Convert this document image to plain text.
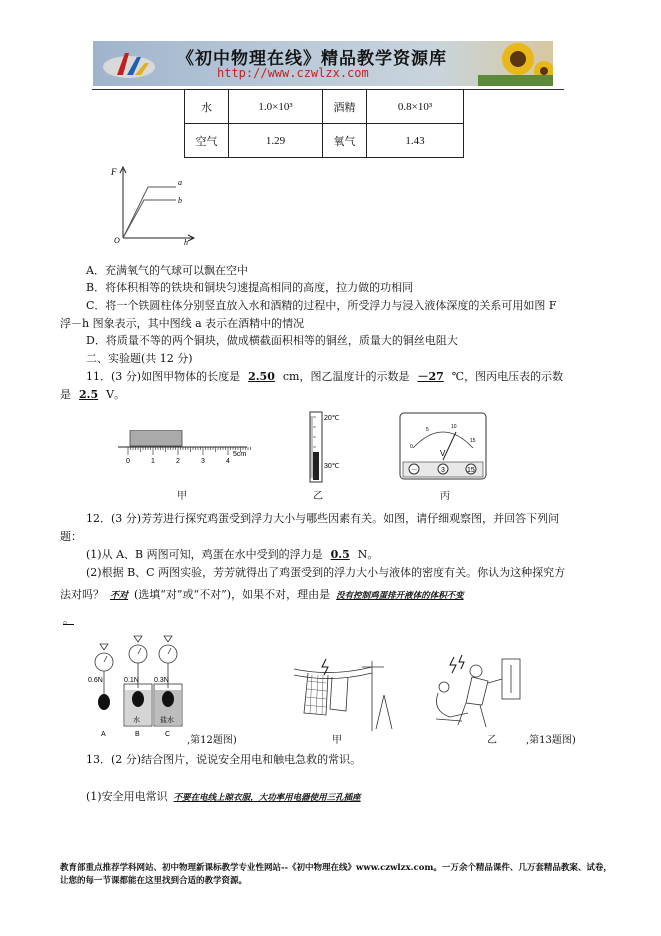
《初中物理在线》精品教学资源库
http://www.czwlzx.com
水	1.0×10³	酒精	0.8×10³
空气	1.29	氧气	1.43
F
h
O
a
b
A．充满氧气的气球可以飘在空中
B．将体积相等的铁块和铜块匀速提高相同的高度，拉力做的功相同
C．将一个铁圆柱体分别竖直放入水和酒精的过程中，所受浮力与浸入液体深度的关系可用如图 F
浮－h 图象表示，其中图线 a 表示在酒精中的情况
D．将质量不等的两个铜块，做成横截面积相等的铜丝，质量大的铜丝电阻大
二、实验题(共 12 分)
11．(3 分)如图甲物体的长度是 2.50 cm，图乙温度计的示数是 －27 ℃，图丙电压表的示数
是 2.5 V。
0	1	2	3	4
5cm
20℃
30℃
0
5	10
15
V
－	3	15
甲	乙	丙
12．(3 分)芳芳进行探究鸡蛋受到浮力大小与哪些因素有关。如图，请仔细观察图，并回答下列问
题：
(1)从 A、B 两图可知，鸡蛋在水中受到的浮力是 0.5 N。
(2)根据 B、C 两图实验，芳芳就得出了鸡蛋受到的浮力大小与液体的密度有关。你认为这种探究方
法对吗？ 不对 (选填“对”或“不对”)，如果不对，理由是 没有控制鸡蛋排开液体的体积不变
。
0.6N	0.1N 0.3N
水	盐水
A	B	C
,第12题图)	甲	乙	,第13题图)
13．(2 分)结合图片，说说安全用电和触电急救的常识。
(1)安全用电常识 不要在电线上晾衣服，大功率用电器使用三孔插座
教育部重点推荐学科网站、初中物理新课标教学专业性网站--《初中物理在线》www.czwlzx.com。一万余个精品课件、几万套精品教案、试卷，让您的每一节课都能在这里找到合适的教学资源。
